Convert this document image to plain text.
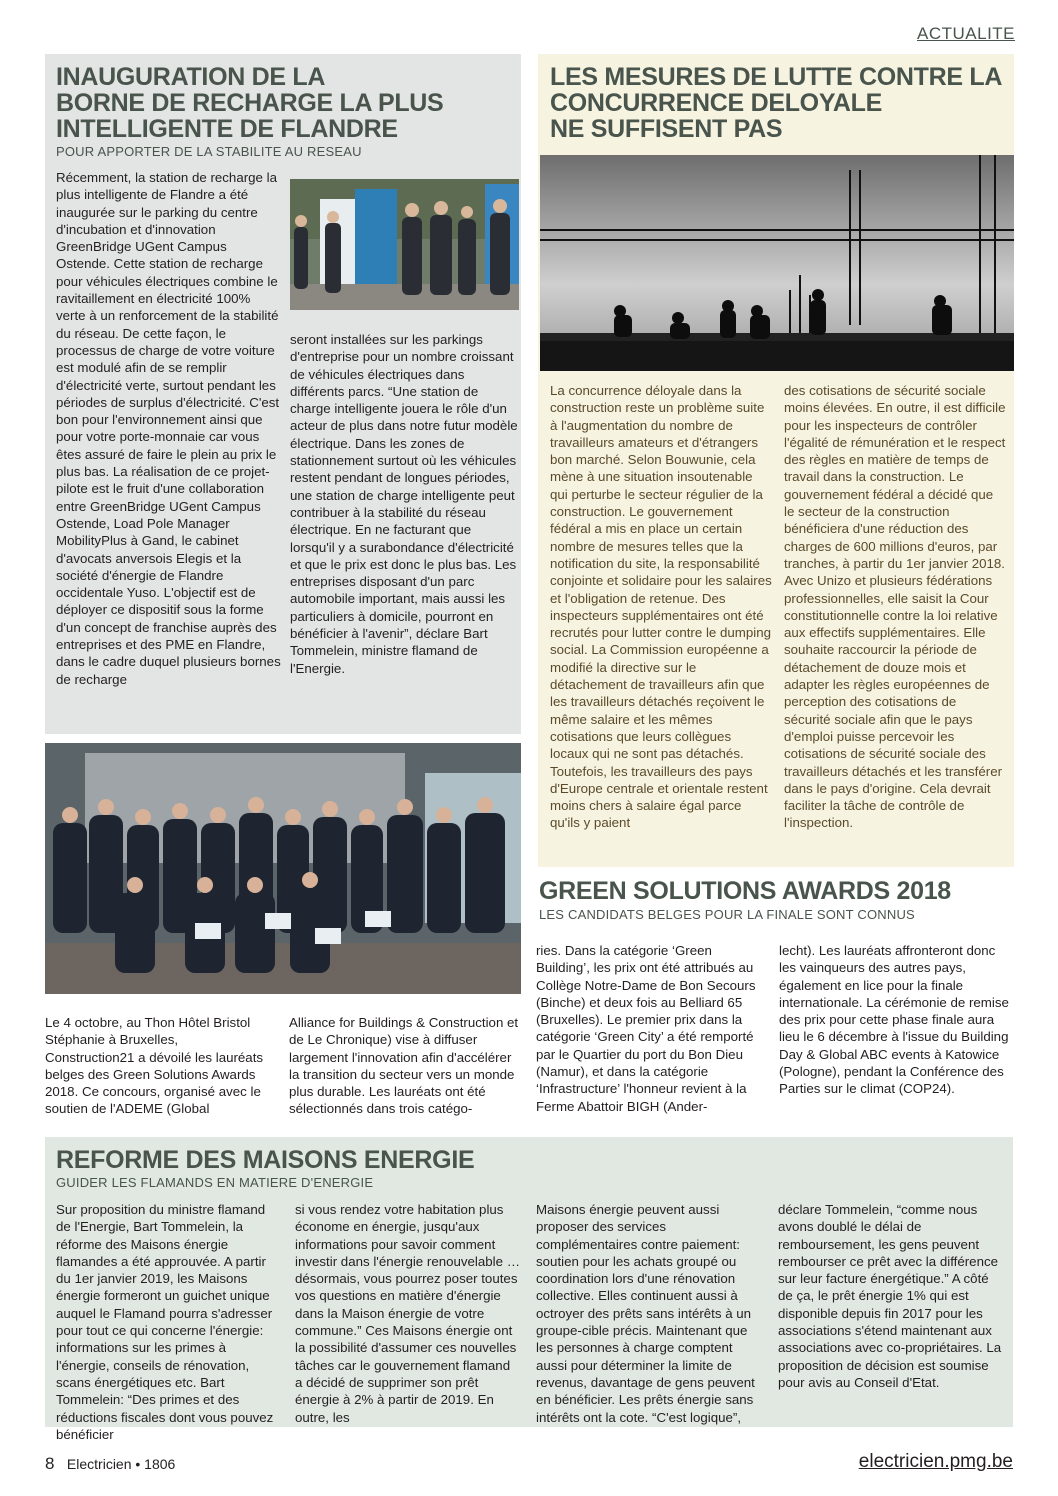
ACTUALITE

INAUGURATION DE LA

BORNE DE RECHARGE LA PLUS

INTELLIGENTE DE FLANDRE

POUR APPORTER DE LA STABILITE AU RESEAU

Récemment, la station de recharge la plus intelligente de Flandre a été inaugurée sur le parking du centre d'incubation et d'innovation GreenBridge UGent Campus Ostende. Cette station de recharge pour véhicules électriques combine le ravitaillement en électricité 100% verte à un renforcement de la stabilité du réseau. De cette façon, le processus de charge de votre voiture est modulé afin de se remplir d'électricité verte, surtout pendant les périodes de surplus d'électricité. C'est bon pour l'environnement ainsi que pour votre porte-monnaie car vous êtes assuré de faire le plein au prix le plus bas. La réalisation de ce projet-pilote est le fruit d'une collaboration entre GreenBridge UGent Campus Ostende, Load Pole Manager MobilityPlus à Gand, le cabinet d'avocats anversois Elegis et la société d'énergie de Flandre occidentale Yuso. L'objectif est de déployer ce dispositif sous la forme d'un concept de franchise auprès des entreprises et des PME en Flandre, dans le cadre duquel plusieurs bornes de recharge

seront installées sur les parkings d'entreprise pour un nombre croissant de véhicules électriques dans différents parcs. “Une station de charge intelligente jouera le rôle d'un acteur de plus dans notre futur modèle électrique. Dans les zones de stationnement surtout où les véhicules restent pendant de longues périodes, une station de charge intelligente peut contribuer à la stabilité du réseau électrique. En ne facturant que lorsqu'il y a surabondance d'électricité et que le prix est donc le plus bas. Les entreprises disposant d'un parc automobile important, mais aussi les particuliers à domicile, pourront en bénéficier à l'avenir”, déclare Bart Tommelein, ministre flamand de l'Energie.

LES MESURES DE LUTTE CONTRE LA

CONCURRENCE DELOYALE

NE SUFFISENT PAS

La concurrence déloyale dans la construction reste un problème suite à l'augmentation du nombre de travailleurs amateurs et d'étrangers bon marché. Selon Bouwunie, cela mène à une situation insoutenable qui perturbe le secteur régulier de la construction. Le gouvernement fédéral a mis en place un certain nombre de mesures telles que la notification du site, la responsabilité conjointe et solidaire pour les salaires et l'obligation de retenue. Des inspecteurs supplémentaires ont été recrutés pour lutter contre le dumping social. La Commission européenne a modifié la directive sur le détachement de travailleurs afin que les travailleurs détachés reçoivent le même salaire et les mêmes cotisations que leurs collègues locaux qui ne sont pas détachés. Toutefois, les travailleurs des pays d'Europe centrale et orientale restent moins chers à salaire égal parce qu'ils y paient

des cotisations de sécurité sociale moins élevées. En outre, il est difficile pour les inspecteurs de contrôler l'égalité de rémunération et le respect des règles en matière de temps de travail dans la construction. Le gouvernement fédéral a décidé que le secteur de la construction bénéficiera d'une réduction des charges de 600 millions d'euros, par tranches, à partir du 1er janvier 2018. Avec Unizo et plusieurs fédérations professionnelles, elle saisit la Cour constitutionnelle contre la loi relative aux effectifs supplémentaires. Elle souhaite raccourcir la période de détachement de douze mois et adapter les règles européennes de perception des cotisations de sécurité sociale afin que le pays d'emploi puisse percevoir les cotisations de sécurité sociale des travailleurs détachés et les transférer dans le pays d'origine. Cela devrait faciliter la tâche de contrôle de l'inspection.

GREEN SOLUTIONS AWARDS 2018

LES CANDIDATS BELGES POUR LA FINALE SONT CONNUS

Le 4 octobre, au Thon Hôtel Bristol Stéphanie à Bruxelles, Construction21 a dévoilé les lauréats belges des Green Solutions Awards 2018. Ce concours, organisé avec le soutien de l'ADEME (Global

Alliance for Buildings & Construction et de Le Chronique) vise à diffuser largement l'innovation afin d'accélérer la transition du secteur vers un monde plus durable. Les lauréats ont été sélectionnés dans trois catégo-

ries. Dans la catégorie ‘Green Building’, les prix ont été attribués au Collège Notre-Dame de Bon Secours (Binche) et deux fois au Belliard 65 (Bruxelles). Le premier prix dans la catégorie ‘Green City’ a été remporté par le Quartier du port du Bon Dieu (Namur), et dans la catégorie ‘Infrastructure’ l'honneur revient à la Ferme Abattoir BIGH (Ander-

lecht). Les lauréats affronteront donc les vainqueurs des autres pays, également en lice pour la finale internationale. La cérémonie de remise des prix pour cette phase finale aura lieu le 6 décembre à l'issue du Building Day & Global ABC events à Katowice (Pologne), pendant la Conférence des Parties sur le climat (COP24).

REFORME DES MAISONS ENERGIE

GUIDER LES FLAMANDS EN MATIERE D'ENERGIE

Sur proposition du ministre flamand de l'Energie, Bart Tommelein, la réforme des Maisons énergie flamandes a été approuvée. A partir du 1er janvier 2019, les Maisons énergie formeront un guichet unique auquel le Flamand pourra s'adresser pour tout ce qui concerne l'énergie: informations sur les primes à l'énergie, conseils de rénovation, scans énergétiques etc. Bart Tommelein: “Des primes et des réductions fiscales dont vous pouvez bénéficier

si vous rendez votre habitation plus économe en énergie, jusqu'aux informations pour savoir comment investir dans l'énergie renouvelable … désormais, vous pourrez poser toutes vos questions en matière d'énergie dans la Maison énergie de votre commune.” Ces Maisons énergie ont la possibilité d'assumer ces nouvelles tâches car le gouvernement flamand a décidé de supprimer son prêt énergie à 2% à partir de 2019. En outre, les

Maisons énergie peuvent aussi proposer des services complémentaires contre paiement: soutien pour les achats groupé ou coordination lors d'une rénovation collective. Elles continuent aussi à octroyer des prêts sans intérêts à un groupe-cible précis. Maintenant que les personnes à charge comptent aussi pour déterminer la limite de revenus, davantage de gens peuvent en bénéficier. Les prêts énergie sans intérêts ont la cote. “C'est logique”,

déclare Tommelein, “comme nous avons doublé le délai de remboursement, les gens peuvent rembourser ce prêt avec la différence sur leur facture énergétique.” A côté de ça, le prêt énergie 1% qui est disponible depuis fin 2017 pour les associations s'étend maintenant aux associations avec co-propriétaires. La proposition de décision est soumise pour avis au Conseil d'Etat.

8 Electricien • 1806	electricien.pmg.be
